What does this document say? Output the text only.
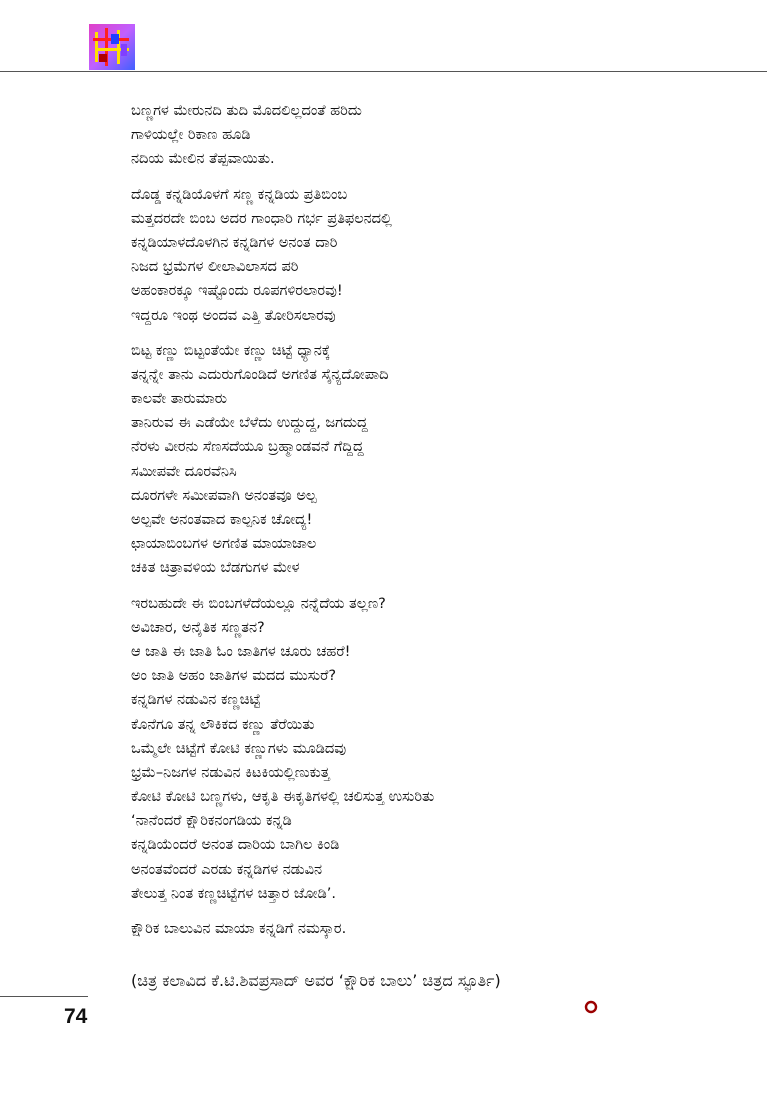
ಬಣ್ಣಗಳ ಮೇರುನದಿ ತುದಿ ಮೊದಲಿಲ್ಲದಂತೆ ಹರಿದು
ಗಾಳಿಯಲ್ಲೇ ರಿಕಾಣ ಹೂಡಿ
ನದಿಯ ಮೇಲಿನ ತೆಪ್ಪವಾಯಿತು.
ದೊಡ್ಡ ಕನ್ನಡಿಯೊಳಗೆ ಸಣ್ಣ ಕನ್ನಡಿಯ ಪ್ರತಿಬಿಂಬ
ಮತ್ತದರದೇ ಬಿಂಬ ಅದರ ಗಾಂಧಾರಿ ಗರ್ಭ ಪ್ರತಿಫಲನದಲ್ಲಿ
ಕನ್ನಡಿಯಾಳದೊಳಗಿನ ಕನ್ನಡಿಗಳ ಅನಂತ ದಾರಿ
ನಿಜದ ಭ್ರಮೆಗಳ ಲೀಲಾವಿಲಾಸದ ಪರಿ
ಅಹಂಕಾರಕ್ಕೂ ಇಷ್ಟೊಂದು ರೂಪಗಳಿರಲಾರವು!
ಇದ್ದರೂ ಇಂಥ ಅಂದವ ಎತ್ತಿ ತೋರಿಸಲಾರವು
ಬಿಟ್ಟ ಕಣ್ಣು ಬಿಟ್ಟಂತೆಯೇ ಕಣ್ಣು ಚಿಟ್ಟೆ ಧ್ಯಾನಕ್ಕೆ
ತನ್ನನ್ನೇ ತಾನು ಎದುರುಗೊಂಡಿದೆ ಅಗಣಿತ ಸೈನ್ಯದೋಪಾದಿ
ಕಾಲವೇ ತಾರುಮಾರು
ತಾನಿರುವ ಈ ಎಡೆಯೇ ಬೆಳೆದು ಉದ್ದುದ್ದ, ಜಗದುದ್ದ
ನೆರಳು ವೀರನು ಸೆಣಸದೆಯೂ ಬ್ರಹ್ಮಾಂಡವನೆ ಗೆದ್ದಿದ್ದ
ಸಮೀಪವೇ ದೂರವೆನಿಸಿ
ದೂರಗಳೇ ಸಮೀಪವಾಗಿ ಅನಂತವೂ ಅಲ್ಪ
ಅಲ್ಪವೇ ಅನಂತವಾದ ಕಾಲ್ಪನಿಕ ಚೋದ್ಯ!
ಛಾಯಾಬಿಂಬಗಳ ಅಗಣಿತ ಮಾಯಾಜಾಲ
ಚಕಿತ ಚಿತ್ರಾವಳಿಯ ಬೆಡಗುಗಳ ಮೇಳ
ಇರಬಹುದೇ ಈ ಬಿಂಬಗಳೆದೆಯಲ್ಲೂ ನನ್ನೆದೆಯ ತಲ್ಲಣ?
ಅವಿಚಾರ, ಅನೈತಿಕ ಸಣ್ಣತನ?
ಆ ಜಾತಿ ಈ ಜಾತಿ ಓಂ ಜಾತಿಗಳ ಚೂರು ಚಹರೆ!
ಅಂ ಜಾತಿ ಅಹಂ ಜಾತಿಗಳ ಮದದ ಮುಸುರೆ?
ಕನ್ನಡಿಗಳ ನಡುವಿನ ಕಣ್ಣಚಿಟ್ಟೆ
ಕೊನೆಗೂ ತನ್ನ ಲೌಕಿಕದ ಕಣ್ಣು ತೆರೆಯಿತು
ಒಮ್ಮೆಲೇ ಚಿಟ್ಟೆಗೆ ಕೋಟಿ ಕಣ್ಣುಗಳು ಮೂಡಿದವು
ಭ್ರಮೆ–ನಿಜಗಳ ನಡುವಿನ ಕಿಟಕಿಯಲ್ಲಿಣುಕುತ್ತ
ಕೋಟಿ ಕೋಟಿ ಬಣ್ಣಗಳು, ಆಕೃತಿ ಈಕೃತಿಗಳಲ್ಲಿ ಚಲಿಸುತ್ತ ಉಸುರಿತು
‘ನಾನೆಂದರೆ ಕ್ಷೌರಿಕನಂಗಡಿಯ ಕನ್ನಡಿ
ಕನ್ನಡಿಯೆಂದರೆ ಅನಂತ ದಾರಿಯ ಬಾಗಿಲ ಕಿಂಡಿ
ಅನಂತವೆಂದರೆ ಎರಡು ಕನ್ನಡಿಗಳ ನಡುವಿನ
ತೇಲುತ್ತ ನಿಂತ ಕಣ್ಣಚಿಟ್ಟೆಗಳ ಚಿತ್ತಾರ ಜೋಡಿ’.
ಕ್ಷೌರಿಕ ಬಾಲುವಿನ ಮಾಯಾ ಕನ್ನಡಿಗೆ ನಮಸ್ಕಾರ.
(ಚಿತ್ರ ಕಲಾವಿದ ಕೆ.ಟಿ.ಶಿವಪ್ರಸಾದ್ ಅವರ ‘ಕ್ಷೌರಿಕ ಬಾಲು’ ಚಿತ್ರದ ಸ್ಫೂರ್ತಿ)
74
